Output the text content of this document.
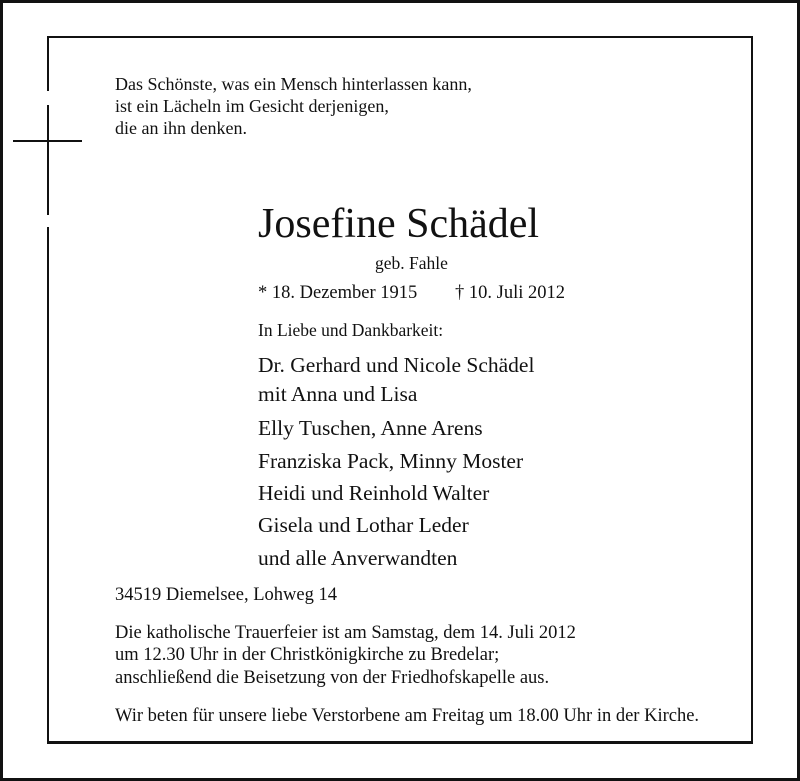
Das Schönste, was ein Mensch hinterlassen kann,
ist ein Lächeln im Gesicht derjenigen,
die an ihn denken.
Josefine Schädel
geb. Fahle
* 18. Dezember 1915 † 10. Juli 2012
In Liebe und Dankbarkeit:
Dr. Gerhard und Nicole Schädel
mit Anna und Lisa
Elly Tuschen, Anne Arens
Franziska Pack, Minny Moster
Heidi und Reinhold Walter
Gisela und Lothar Leder
und alle Anverwandten
34519 Diemelsee, Lohweg 14
Die katholische Trauerfeier ist am Samstag, dem 14. Juli 2012
um 12.30 Uhr in der Christkönigkirche zu Bredelar;
anschließend die Beisetzung von der Friedhofskapelle aus.
Wir beten für unsere liebe Verstorbene am Freitag um 18.00 Uhr in der Kirche.
